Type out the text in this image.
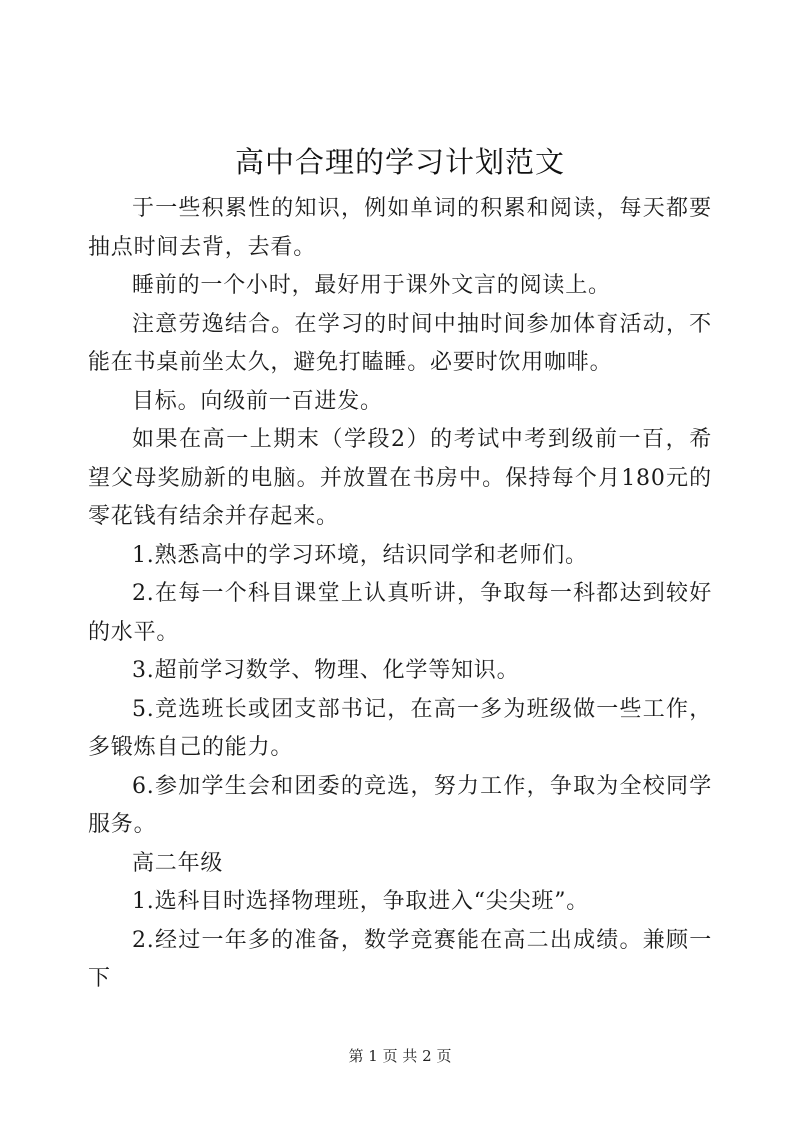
高中合理的学习计划范文

于一些积累性的知识，例如单词的积累和阅读，每天都要抽点时间去背，去看。

睡前的一个小时，最好用于课外文言的阅读上。

注意劳逸结合。在学习的时间中抽时间参加体育活动，不能在书桌前坐太久，避免打瞌睡。必要时饮用咖啡。

目标。向级前一百进发。

如果在高一上期末（学段2）的考试中考到级前一百，希望父母奖励新的电脑。并放置在书房中。保持每个月180元的零花钱有结余并存起来。

1.熟悉高中的学习环境，结识同学和老师们。

2.在每一个科目课堂上认真听讲，争取每一科都达到较好的水平。

3.超前学习数学、物理、化学等知识。

5.竞选班长或团支部书记，在高一多为班级做一些工作，多锻炼自己的能力。

6.参加学生会和团委的竞选，努力工作，争取为全校同学服务。

高二年级

1.选科目时选择物理班，争取进入“尖尖班”。

2.经过一年多的准备，数学竞赛能在高二出成绩。兼顾一下

第 1 页 共 2 页
